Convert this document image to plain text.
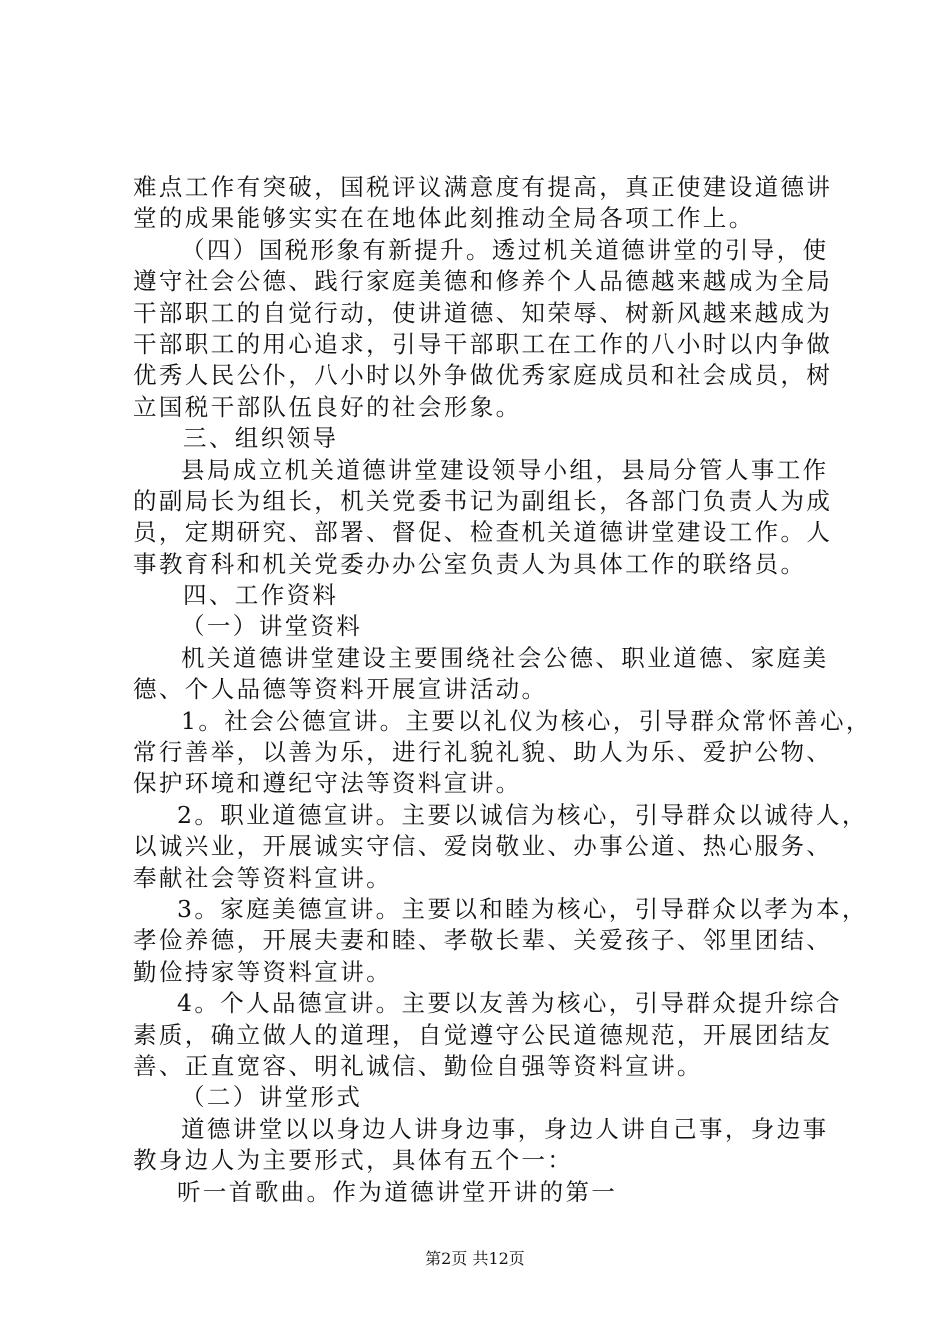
难点工作有突破，国税评议满意度有提高，真正使建设道德讲
堂的成果能够实实在在地体此刻推动全局各项工作上。
（四）国税形象有新提升。透过机关道德讲堂的引导，使
遵守社会公德、践行家庭美德和修养个人品德越来越成为全局
干部职工的自觉行动，使讲道德、知荣辱、树新风越来越成为
干部职工的用心追求，引导干部职工在工作的八小时以内争做
优秀人民公仆，八小时以外争做优秀家庭成员和社会成员，树
立国税干部队伍良好的社会形象。
三、组织领导
县局成立机关道德讲堂建设领导小组，县局分管人事工作
的副局长为组长，机关党委书记为副组长，各部门负责人为成
员，定期研究、部署、督促、检查机关道德讲堂建设工作。人
事教育科和机关党委办办公室负责人为具体工作的联络员。
四、工作资料
（一）讲堂资料
机关道德讲堂建设主要围绕社会公德、职业道德、家庭美
德、个人品德等资料开展宣讲活动。
1。社会公德宣讲。主要以礼仪为核心，引导群众常怀善心，
常行善举，以善为乐，进行礼貌礼貌、助人为乐、爱护公物、
保护环境和遵纪守法等资料宣讲。
2。职业道德宣讲。主要以诚信为核心，引导群众以诚待人，
以诚兴业，开展诚实守信、爱岗敬业、办事公道、热心服务、
奉献社会等资料宣讲。
3。家庭美德宣讲。主要以和睦为核心，引导群众以孝为本，
孝俭养德，开展夫妻和睦、孝敬长辈、关爱孩子、邻里团结、
勤俭持家等资料宣讲。
4。个人品德宣讲。主要以友善为核心，引导群众提升综合
素质，确立做人的道理，自觉遵守公民道德规范，开展团结友
善、正直宽容、明礼诚信、勤俭自强等资料宣讲。
（二）讲堂形式
道德讲堂以以身边人讲身边事，身边人讲自己事，身边事
教身边人为主要形式，具体有五个一：
听一首歌曲。作为道德讲堂开讲的第一
第2页 共12页
